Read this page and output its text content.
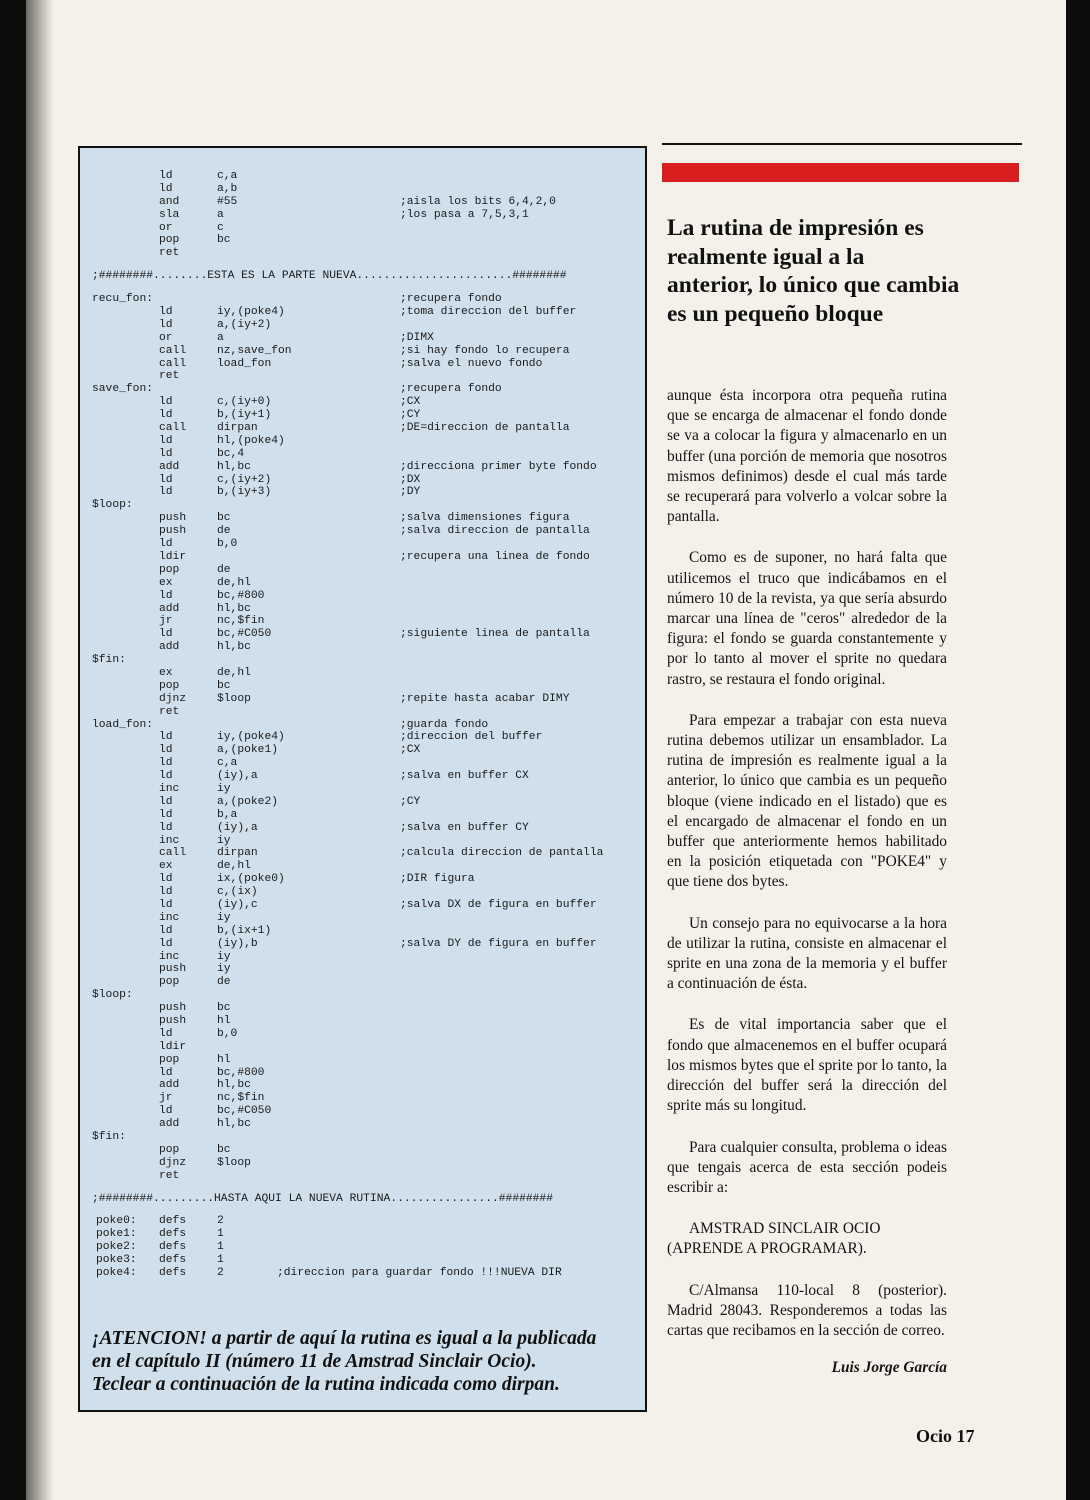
ld	c,a
ld	a,b
and	#55	;aisla los bits 6,4,2,0
sla	a	;los pasa a 7,5,3,1
or	c
pop	bc
ret
;########........ESTA ES LA PARTE NUEVA.......................########
recu_fon:	;recupera fondo
ld	iy,(poke4)	;toma direccion del buffer
ld	a,(iy+2)
or	a	;DIMX
call	nz,save_fon	;si hay fondo lo recupera
call	load_fon	;salva el nuevo fondo
ret
save_fon:	;recupera fondo
ld	c,(iy+0)	;CX
ld	b,(iy+1)	;CY
call	dirpan	;DE=direccion de pantalla
ld	hl,(poke4)
ld	bc,4
add	hl,bc	;direcciona primer byte fondo
ld	c,(iy+2)	;DX
ld	b,(iy+3)	;DY
$loop:
push	bc	;salva dimensiones figura
push	de	;salva direccion de pantalla
ld	b,0
ldir	;recupera una linea de fondo
pop	de
ex	de,hl
ld	bc,#800
add	hl,bc
jr	nc,$fin
ld	bc,#C050	;siguiente linea de pantalla
add	hl,bc
$fin:
ex	de,hl
pop	bc
djnz	$loop	;repite hasta acabar DIMY
ret
load_fon:	;guarda fondo
ld	iy,(poke4)	;direccion del buffer
ld	a,(poke1)	;CX
ld	c,a
ld	(iy),a	;salva en buffer CX
inc	iy
ld	a,(poke2)	;CY
ld	b,a
ld	(iy),a	;salva en buffer CY
inc	iy
call	dirpan	;calcula direccion de pantalla
ex	de,hl
ld	ix,(poke0)	;DIR figura
ld	c,(ix)
ld	(iy),c	;salva DX de figura en buffer
inc	iy
ld	b,(ix+1)
ld	(iy),b	;salva DY de figura en buffer
inc	iy
push	iy
pop	de
$loop:
push	bc
push	hl
ld	b,0
ldir
pop	hl
ld	bc,#800
add	hl,bc
jr	nc,$fin
ld	bc,#C050
add	hl,bc
$fin:
pop	bc
djnz	$loop
ret
;########.........HASTA AQUI LA NUEVA RUTINA................########
poke0: defs	2
poke1: defs	1
poke2: defs	1
poke3: defs	1
poke4: defs	2	;direccion para guardar fondo !!!NUEVA DIR
¡ATENCION! a partir de aquí la rutina es igual a la publicada
en el capítulo II (número 11 de Amstrad Sinclair Ocio).
Teclear a continuación de la rutina indicada como dirpan.
La rutina de impresión es
realmente igual a la
anterior, lo único que cambia
es un pequeño bloque

aunque ésta incorpora otra pequeña rutina que se encarga de almacenar el fondo donde se va a colocar la figura y almacenarlo en un buffer (una porción de memoria que nosotros mismos definimos) desde el cual más tarde se recuperará para volverlo a volcar sobre la pantalla.

Como es de suponer, no hará falta que utilicemos el truco que indicábamos en el número 10 de la revista, ya que sería absurdo marcar una línea de "ceros" alrededor de la figura: el fondo se guarda constantemente y por lo tanto al mover el sprite no quedara rastro, se restaura el fondo original.

Para empezar a trabajar con esta nueva rutina debemos utilizar un ensamblador. La rutina de impresión es realmente igual a la anterior, lo único que cambia es un pequeño bloque (viene indicado en el listado) que es el encargado de almacenar el fondo en un buffer que anteriormente hemos habilitado en la posición etiquetada con "POKE4" y que tiene dos bytes.

Un consejo para no equivocarse a la hora de utilizar la rutina, consiste en almacenar el sprite en una zona de la memoria y el buffer a continuación de ésta.

Es de vital importancia saber que el fondo que almacenemos en el buffer ocupará los mismos bytes que el sprite por lo tanto, la dirección del buffer será la dirección del sprite más su longitud.

Para cualquier consulta, problema o ideas que tengais acerca de esta sección podeis escribir a:

AMSTRAD SINCLAIR OCIO (APRENDE A PROGRAMAR).

C/Almansa 110-local 8 (posterior). Madrid 28043. Responderemos a todas las cartas que recibamos en la sección de correo.

Luis Jorge García

Ocio 17
